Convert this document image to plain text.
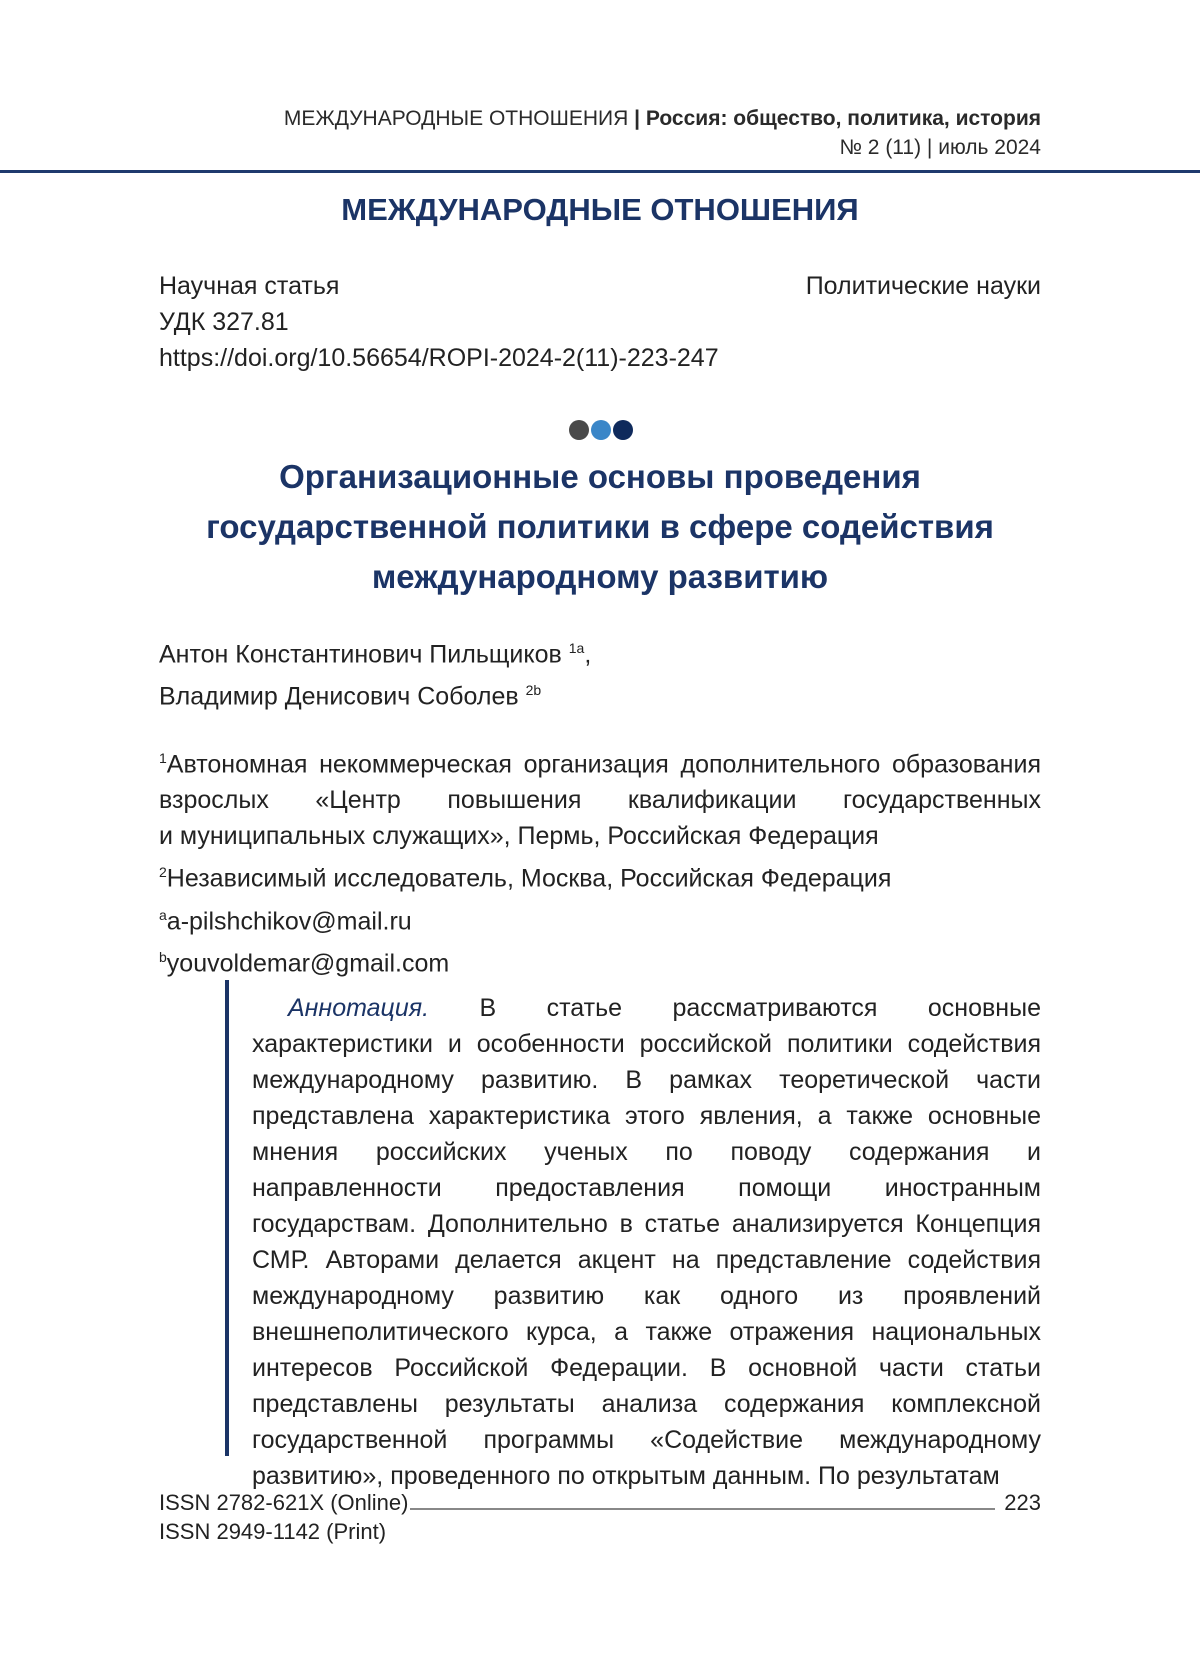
МЕЖДУНАРОДНЫЕ ОТНОШЕНИЯ | Россия: общество, политика, история
№ 2 (11) | июль 2024
МЕЖДУНАРОДНЫЕ ОТНОШЕНИЯ
Научная статья
УДК 327.81
https://doi.org/10.56654/ROPI-2024-2(11)-223-247
Политические науки
Организационные основы проведения государственной политики в сфере содействия международному развитию
Антон Константинович Пильщиков $^{1a}$,
Владимир Денисович Соболев $^{2b}$

$^1$Автономная некоммерческая организация дополнительного образования

взрослых «Центр повышения квалификации государственных

и муниципальных служащих», Пермь, Российская Федерация

$^2$Независимый исследователь, Москва, Российская Федерация

$^a$a-pilshchikov@mail.ru

$^b$youvoldemar@gmail.com

Аннотация. В статье рассматриваются основные характеристики и особенности российской политики содействия международному развитию. В рамках теоретической части представлена характеристика этого явления, а также основные мнения российских ученых по поводу содержания и направленности предоставления помощи иностранным государствам. Дополнительно в статье анализируется Концепция СМР. Авторами делается акцент на представление содействия международному развитию как одного из проявлений внешнеполитического курса, а также отражения национальных интересов Российской Федерации. В основной части статьи представлены результаты анализа содержания комплексной государственной программы «Содействие международному развитию», проведенного по открытым данным. По результатам
ISSN 2782-621X (Online)
ISSN 2949-1142 (Print)
223
